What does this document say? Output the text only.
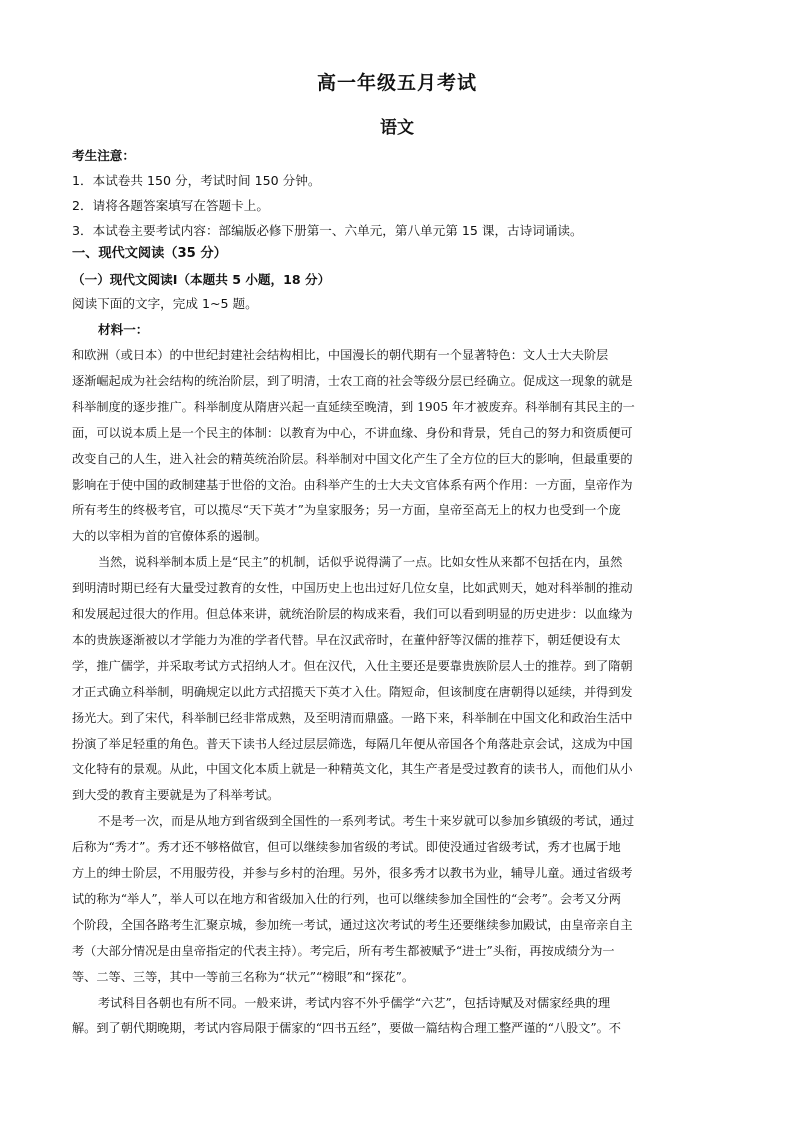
高一年级五月考试
语文
考生注意：
1．本试卷共 150 分，考试时间 150 分钟。
2．请将各题答案填写在答题卡上。
3．本试卷主要考试内容：部编版必修下册第一、六单元，第八单元第 15 课，古诗词诵读。
一、现代文阅读（35 分）
（一）现代文阅读Ⅰ（本题共 5 小题，18 分）
阅读下面的文字，完成 1~5 题。
材料一：
和欧洲（或日本）的中世纪封建社会结构相比，中国漫长的朝代期有一个显著特色：文人士大夫阶层
逐渐崛起成为社会结构的统治阶层，到了明清，士农工商的社会等级分层已经确立。促成这一现象的就是
科举制度的逐步推广。科举制度从隋唐兴起一直延续至晚清，到 1905 年才被废弃。科举制有其民主的一
面，可以说本质上是一个民主的体制：以教育为中心，不讲血缘、身份和背景，凭自己的努力和资质便可
改变自己的人生，进入社会的精英统治阶层。科举制对中国文化产生了全方位的巨大的影响，但最重要的
影响在于使中国的政制建基于世俗的文治。由科举产生的士大夫文官体系有两个作用：一方面，皇帝作为
所有考生的终极考官，可以揽尽“天下英才”为皇家服务；另一方面，皇帝至高无上的权力也受到一个庞
大的以宰相为首的官僚体系的遏制。
当然，说科举制本质上是“民主”的机制，话似乎说得满了一点。比如女性从来都不包括在内，虽然
到明清时期已经有大量受过教育的女性，中国历史上也出过好几位女皇，比如武则天，她对科举制的推动
和发展起过很大的作用。但总体来讲，就统治阶层的构成来看，我们可以看到明显的历史进步：以血缘为
本的贵族逐渐被以才学能力为准的学者代替。早在汉武帝时，在董仲舒等汉儒的推荐下，朝廷便设有太
学，推广儒学，并采取考试方式招纳人才。但在汉代，入仕主要还是要靠贵族阶层人士的推荐。到了隋朝
才正式确立科举制，明确规定以此方式招揽天下英才入仕。隋短命，但该制度在唐朝得以延续，并得到发
扬光大。到了宋代，科举制已经非常成熟，及至明清而鼎盛。一路下来，科举制在中国文化和政治生活中
扮演了举足轻重的角色。普天下读书人经过层层筛选，每隔几年便从帝国各个角落赴京会试，这成为中国
文化特有的景观。从此，中国文化本质上就是一种精英文化，其生产者是受过教育的读书人，而他们从小
到大受的教育主要就是为了科举考试。
不是考一次，而是从地方到省级到全国性的一系列考试。考生十来岁就可以参加乡镇级的考试，通过
后称为“秀才”。秀才还不够格做官，但可以继续参加省级的考试。即使没通过省级考试，秀才也属于地
方上的绅士阶层，不用服劳役，并参与乡村的治理。另外，很多秀才以教书为业，辅导儿童。通过省级考
试的称为“举人”，举人可以在地方和省级加入仕的行列，也可以继续参加全国性的“会考”。会考又分两
个阶段，全国各路考生汇聚京城，参加统一考试，通过这次考试的考生还要继续参加殿试，由皇帝亲自主
考（大部分情况是由皇帝指定的代表主持）。考完后，所有考生都被赋予“进士”头衔，再按成绩分为一
等、二等、三等，其中一等前三名称为“状元”“榜眼”和“探花”。
考试科目各朝也有所不同。一般来讲，考试内容不外乎儒学“六艺”，包括诗赋及对儒家经典的理
解。到了朝代期晚期，考试内容局限于儒家的“四书五经”，要做一篇结构合理工整严谨的“八股文”。不
